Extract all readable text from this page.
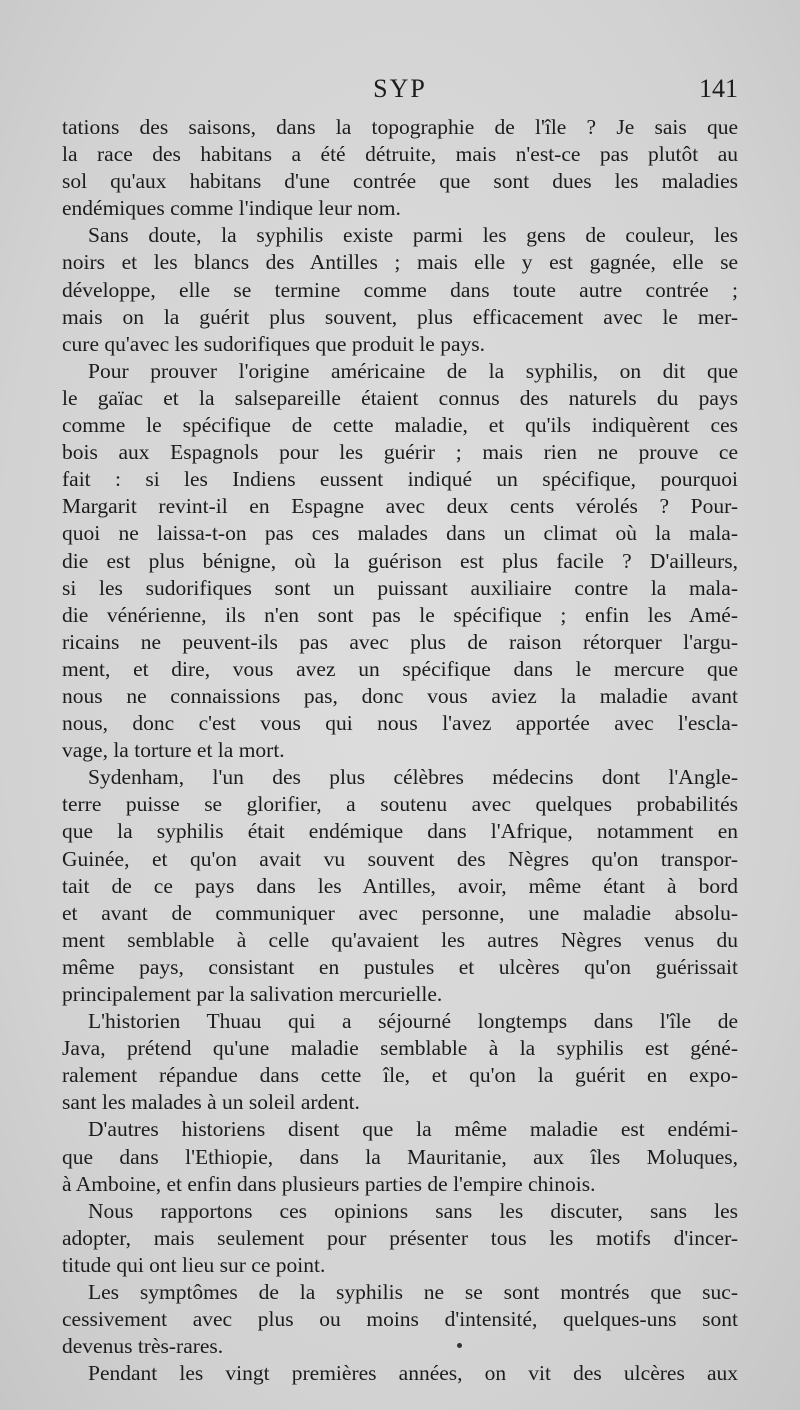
SYP	141
tations des saisons, dans la topographie de l'île ? Je sais que
la race des habitans a été détruite, mais n'est-ce pas plutôt au
sol qu'aux habitans d'une contrée que sont dues les maladies
endémiques comme l'indique leur nom.
Sans doute, la syphilis existe parmi les gens de couleur, les
noirs et les blancs des Antilles ; mais elle y est gagnée, elle se
développe, elle se termine comme dans toute autre contrée ;
mais on la guérit plus souvent, plus efficacement avec le mer-
cure qu'avec les sudorifiques que produit le pays.
Pour prouver l'origine américaine de la syphilis, on dit que
le gaïac et la salsepareille étaient connus des naturels du pays
comme le spécifique de cette maladie, et qu'ils indiquèrent ces
bois aux Espagnols pour les guérir ; mais rien ne prouve ce
fait : si les Indiens eussent indiqué un spécifique, pourquoi
Margarit revint-il en Espagne avec deux cents vérolés ? Pour-
quoi ne laissa-t-on pas ces malades dans un climat où la mala-
die est plus bénigne, où la guérison est plus facile ? D'ailleurs,
si les sudorifiques sont un puissant auxiliaire contre la mala-
die vénérienne, ils n'en sont pas le spécifique ; enfin les Amé-
ricains ne peuvent-ils pas avec plus de raison rétorquer l'argu-
ment, et dire, vous avez un spécifique dans le mercure que
nous ne connaissions pas, donc vous aviez la maladie avant
nous, donc c'est vous qui nous l'avez apportée avec l'escla-
vage, la torture et la mort.
Sydenham, l'un des plus célèbres médecins dont l'Angle-
terre puisse se glorifier, a soutenu avec quelques probabilités
que la syphilis était endémique dans l'Afrique, notamment en
Guinée, et qu'on avait vu souvent des Nègres qu'on transpor-
tait de ce pays dans les Antilles, avoir, même étant à bord
et avant de communiquer avec personne, une maladie absolu-
ment semblable à celle qu'avaient les autres Nègres venus du
même pays, consistant en pustules et ulcères qu'on guérissait
principalement par la salivation mercurielle.
L'historien Thuau qui a séjourné longtemps dans l'île de
Java, prétend qu'une maladie semblable à la syphilis est géné-
ralement répandue dans cette île, et qu'on la guérit en expo-
sant les malades à un soleil ardent.
D'autres historiens disent que la même maladie est endémi-
que dans l'Ethiopie, dans la Mauritanie, aux îles Moluques,
à Amboine, et enfin dans plusieurs parties de l'empire chinois.
Nous rapportons ces opinions sans les discuter, sans les
adopter, mais seulement pour présenter tous les motifs d'incer-
titude qui ont lieu sur ce point.
Les symptômes de la syphilis ne se sont montrés que suc-
cessivement avec plus ou moins d'intensité, quelques-uns sont
devenus très-rares.
Pendant les vingt premières années, on vit des ulcères aux
